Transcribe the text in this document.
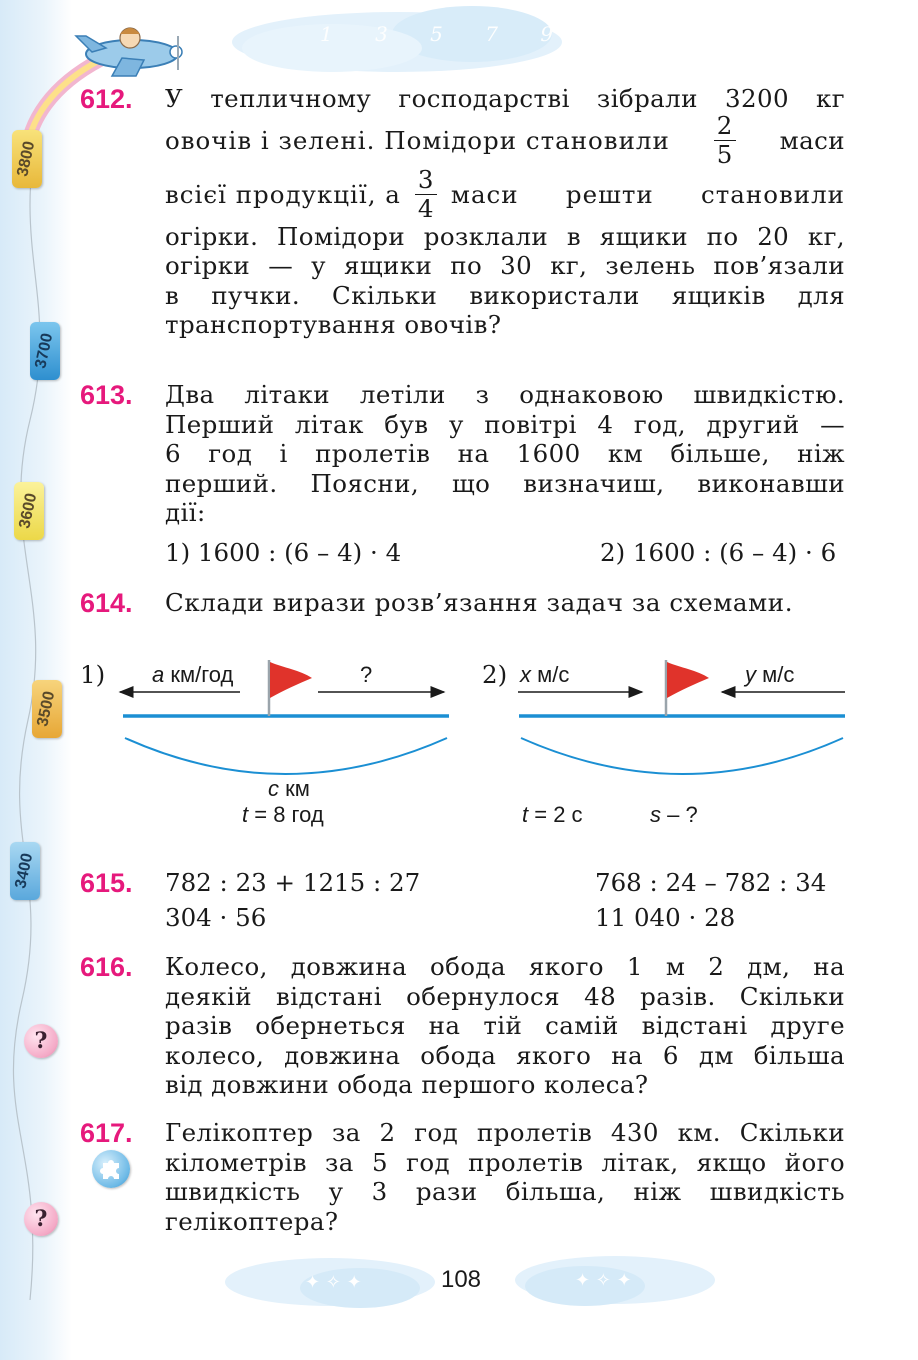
1 3 5 7 9
3800
3700
3600
3500
3400
?
?
612. У тепличному господарстві зібрали 3200 кг
овочів і зелені. Помідори становили $\frac{2}{5}$ маси
всієї продукції, а $\frac{3}{4}$ маси решти становили
огірки. Помідори розклали в ящики по 20 кг,
огірки — у ящики по 30 кг, зелень пов’язали
в пучки. Скільки використали ящиків для
транспортування овочів?
613. Два літаки летіли з однаковою швидкістю.
Перший літак був у повітрі 4 год, другий —
6 год і пролетів на 1600 км більше, ніж
перший. Поясни, що визначиш, виконавши
дії:
1) 1600 : (6 – 4) · 4	2) 1600 : (6 – 4) · 6
614. Склади вирази розв’язання задач за схемами.
1) a км/год	?
c км
t = 8 год
2) x м/с	y м/с
t = 2 с	s – ?
615. 782 : 23 + 1215 : 27	768 : 24 – 782 : 34
304 · 56	11 040 · 28
616. Колесо, довжина обода якого 1 м 2 дм, на
деякій відстані обернулося 48 разів. Скільки
разів обернеться на тій самій відстані друге
колесо, довжина обода якого на 6 дм більша
від довжини обода першого колеса?
617. Гелікоптер за 2 год пролетів 430 км. Скільки
кілометрів за 5 год пролетів літак, якщо його
швидкість у 3 рази більша, ніж швидкість
гелікоптера?
✦ ✧ ✦	✦ ✧ ✦
108
